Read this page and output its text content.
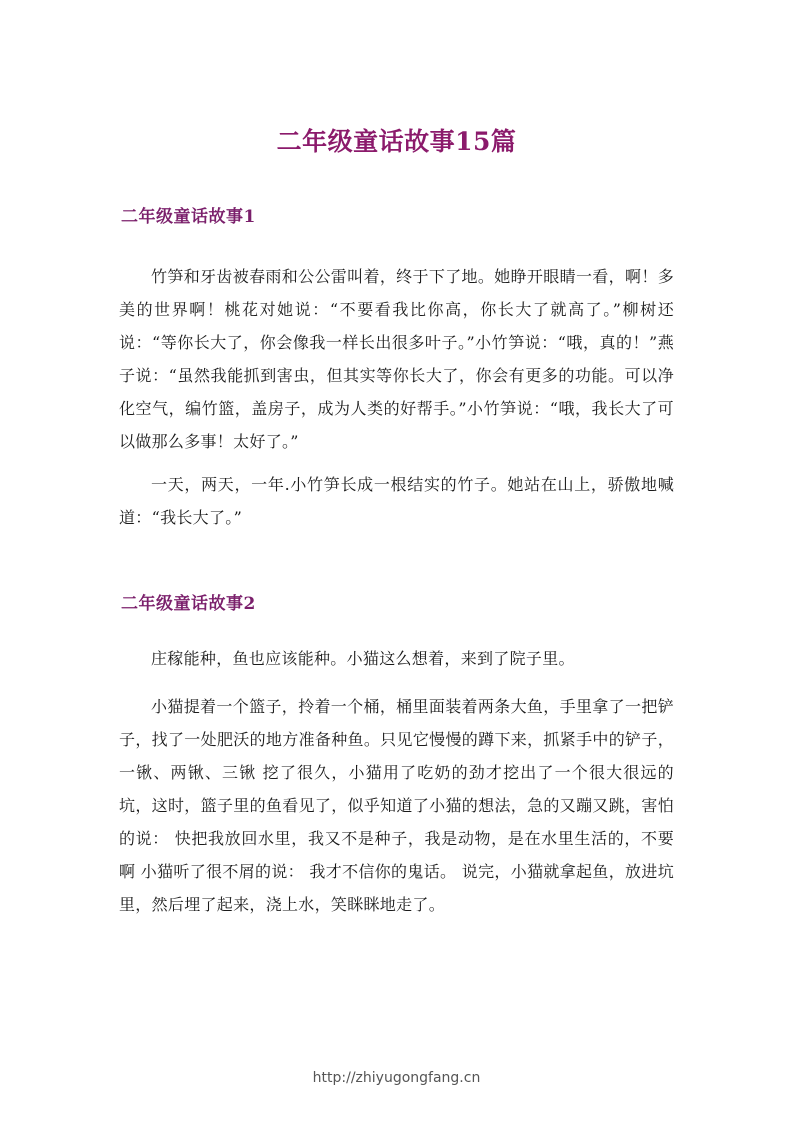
二年级童话故事15篇
二年级童话故事1
竹笋和牙齿被春雨和公公雷叫着，终于下了地。她睁开眼睛一看，啊！多美的世界啊！桃花对她说：“不要看我比你高，你长大了就高了。”柳树还说：“等你长大了，你会像我一样长出很多叶子。”小竹笋说：“哦，真的！”燕子说：“虽然我能抓到害虫，但其实等你长大了，你会有更多的功能。可以净化空气，编竹篮，盖房子，成为人类的好帮手。”小竹笋说：“哦，我长大了可以做那么多事！太好了。”
一天，两天，一年.小竹笋长成一根结实的竹子。她站在山上，骄傲地喊道：“我长大了。”
二年级童话故事2
庄稼能种，鱼也应该能种。小猫这么想着，来到了院子里。
小猫提着一个篮子，拎着一个桶，桶里面装着两条大鱼，手里拿了一把铲子，找了一处肥沃的地方准备种鱼。只见它慢慢的蹲下来，抓紧手中的铲子，一锹、两锹、三锹 挖了很久，小猫用了吃奶的劲才挖出了一个很大很远的坑，这时，篮子里的鱼看见了，似乎知道了小猫的想法，急的又蹦又跳，害怕的说： 快把我放回水里，我又不是种子，我是动物，是在水里生活的，不要啊 小猫听了很不屑的说： 我才不信你的鬼话。 说完，小猫就拿起鱼，放进坑里，然后埋了起来，浇上水，笑眯眯地走了。
http://zhiyugongfang.cn
